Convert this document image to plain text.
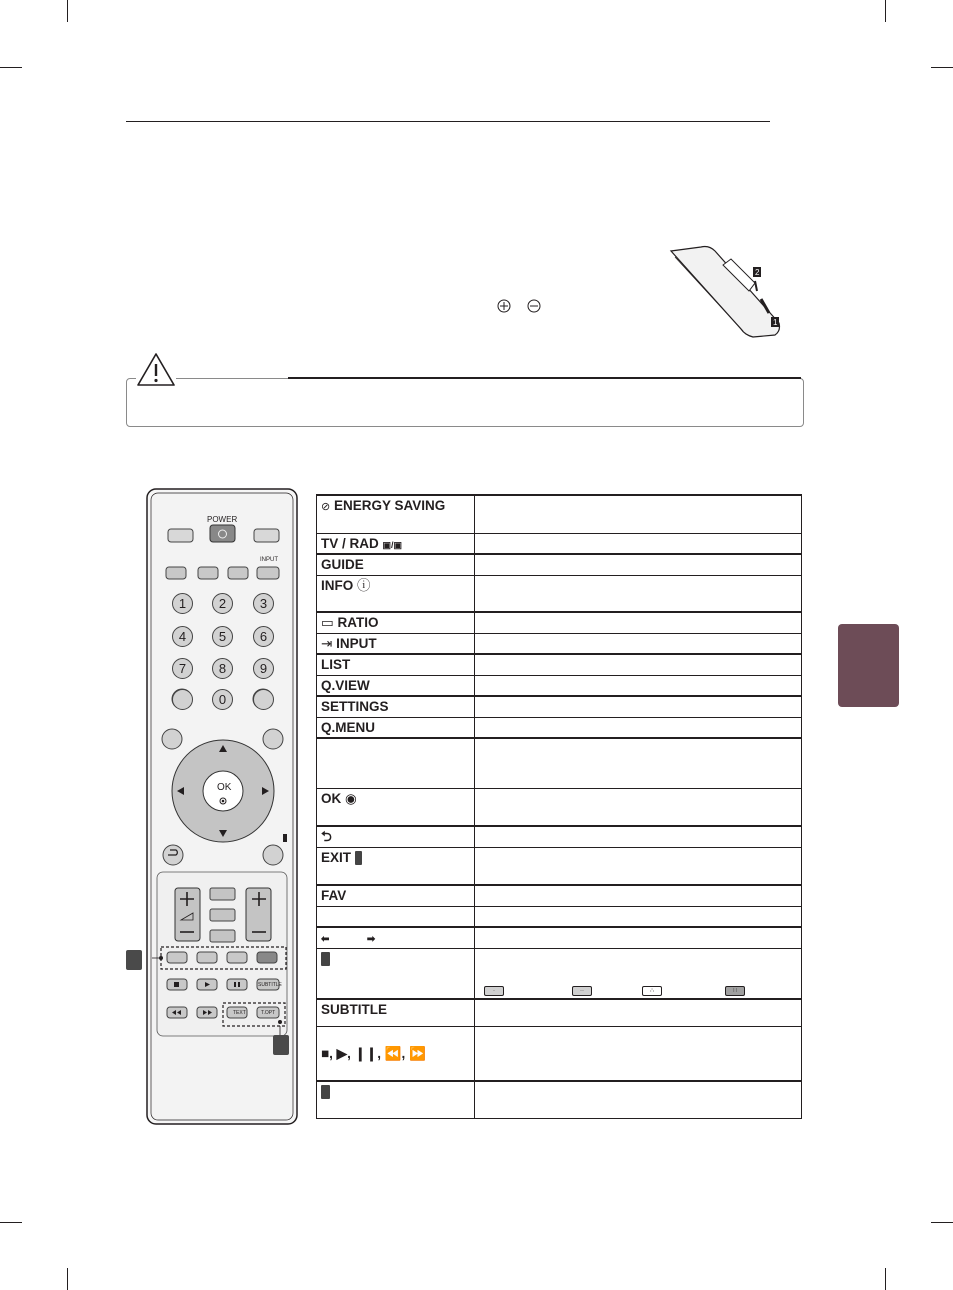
2
1
POWER
INPUT
OK
SUBTITLE
TEXT	T.OPT
1	2	3
4	5	6
7	8	9
0
⊘ ENERGY SAVING	
TV / RAD ▣/▣	
GUIDE	
INFO ⓘ	
▭ RATIO	
⇥ INPUT	
LIST	
Q.VIEW	
SETTINGS	
Q.MENU	

OK ◉	
⮌	
EXIT	
FAV	

⬅ ➡	

	· ·· ∴ ∷

SUBTITLE	
■, ▶, ❙❙, ⏪, ⏩	
